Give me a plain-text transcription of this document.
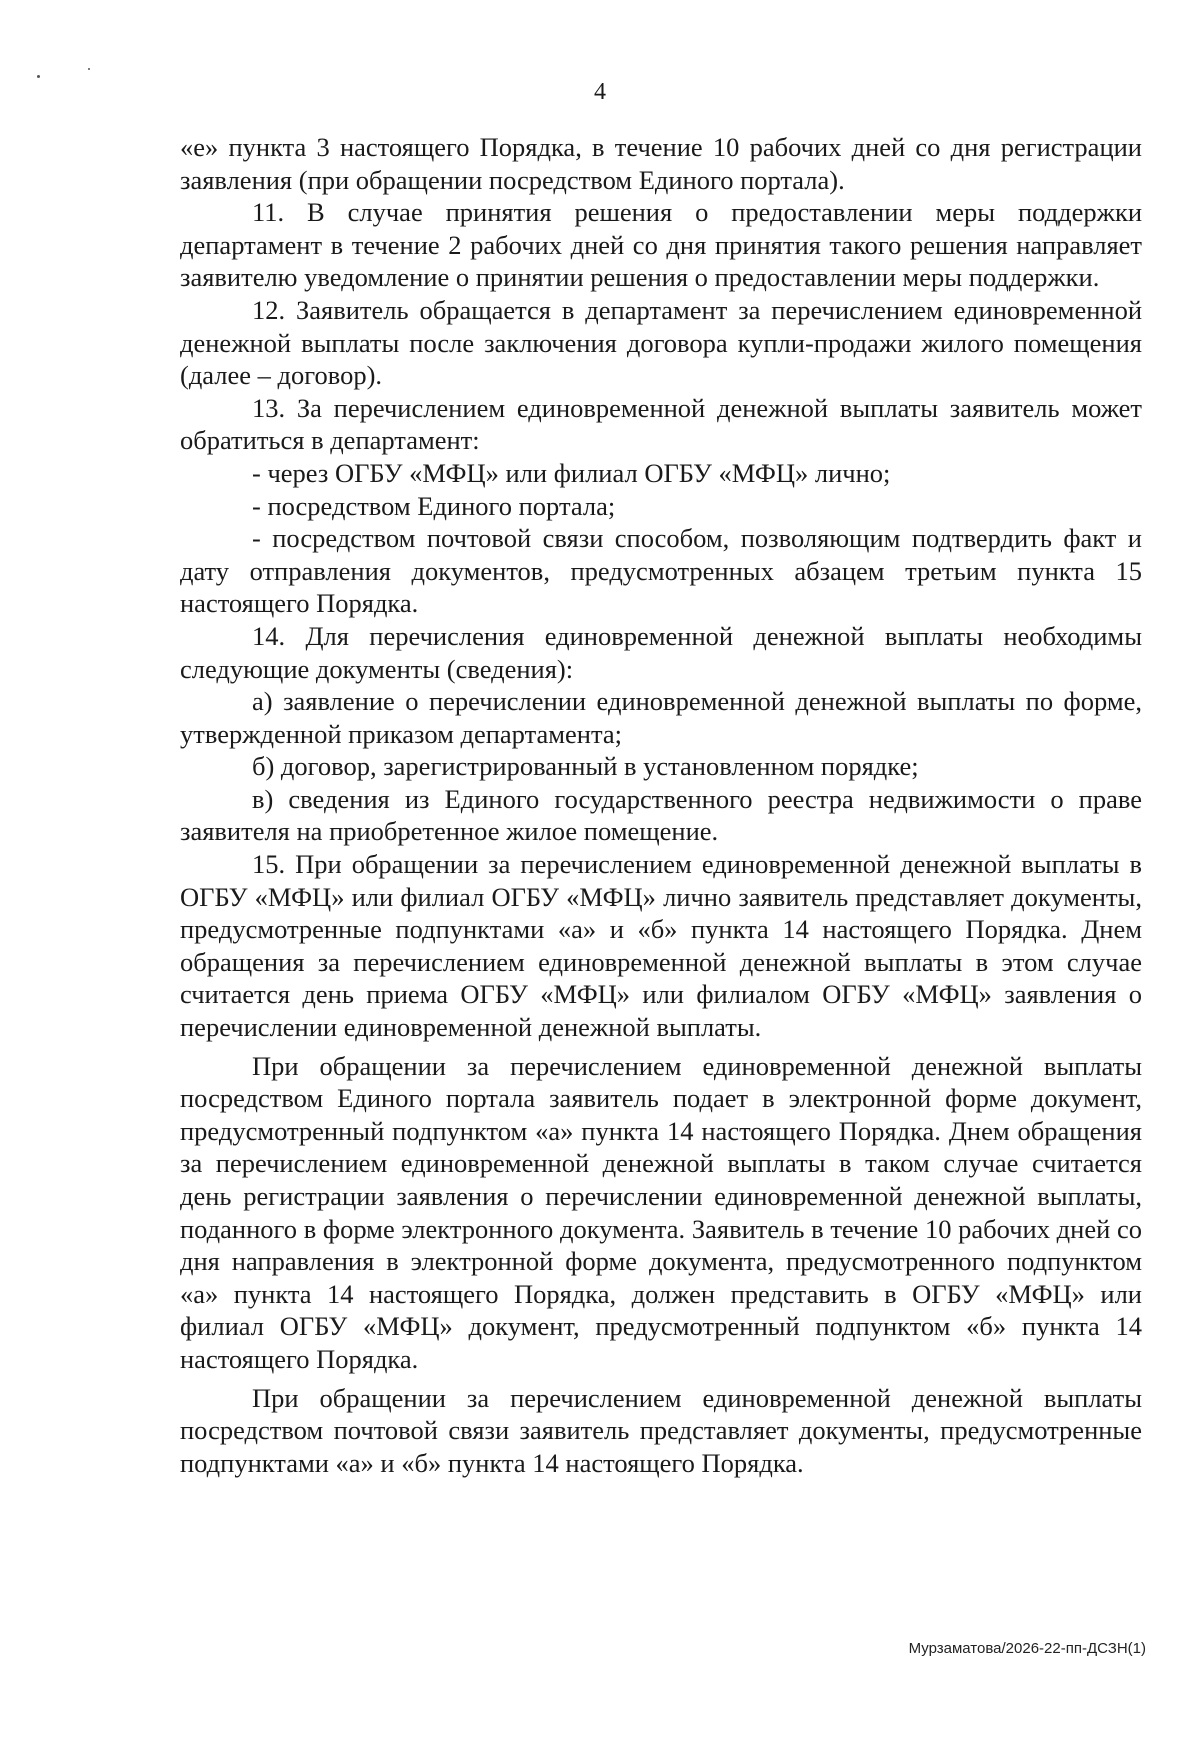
4

«е» пункта 3 настоящего Порядка, в течение 10 рабочих дней со дня регистрации заявления (при обращении посредством Единого портала).

11. В случае принятия решения о предоставлении меры поддержки департамент в течение 2 рабочих дней со дня принятия такого решения направляет заявителю уведомление о принятии решения о предоставлении меры поддержки.

12. Заявитель обращается в департамент за перечислением единовременной денежной выплаты после заключения договора купли-продажи жилого помещения (далее – договор).

13. За перечислением единовременной денежной выплаты заявитель может обратиться в департамент:

- через ОГБУ «МФЦ» или филиал ОГБУ «МФЦ» лично;

- посредством Единого портала;

- посредством почтовой связи способом, позволяющим подтвердить факт и дату отправления документов, предусмотренных абзацем третьим пункта 15 настоящего Порядка.

14. Для перечисления единовременной денежной выплаты необходимы следующие документы (сведения):

а) заявление о перечислении единовременной денежной выплаты по форме, утвержденной приказом департамента;

б) договор, зарегистрированный в установленном порядке;

в) сведения из Единого государственного реестра недвижимости о праве заявителя на приобретенное жилое помещение.

15. При обращении за перечислением единовременной денежной выплаты в ОГБУ «МФЦ» или филиал ОГБУ «МФЦ» лично заявитель представляет документы, предусмотренные подпунктами «а» и «б» пункта 14 настоящего Порядка. Днем обращения за перечислением единовременной денежной выплаты в этом случае считается день приема ОГБУ «МФЦ» или филиалом ОГБУ «МФЦ» заявления о перечислении единовременной денежной выплаты.

При обращении за перечислением единовременной денежной выплаты посредством Единого портала заявитель подает в электронной форме документ, предусмотренный подпунктом «а» пункта 14 настоящего Порядка. Днем обращения за перечислением единовременной денежной выплаты в таком случае считается день регистрации заявления о перечислении единовременной денежной выплаты, поданного в форме электронного документа. Заявитель в течение 10 рабочих дней со дня направления в электронной форме документа, предусмотренного подпунктом «а» пункта 14 настоящего Порядка, должен представить в ОГБУ «МФЦ» или филиал ОГБУ «МФЦ» документ, предусмотренный подпунктом «б» пункта 14 настоящего Порядка.

При обращении за перечислением единовременной денежной выплаты посредством почтовой связи заявитель представляет документы, предусмотренные подпунктами «а» и «б» пункта 14 настоящего Порядка.

Мурзаматова/2026-22-пп-ДСЗН(1)
